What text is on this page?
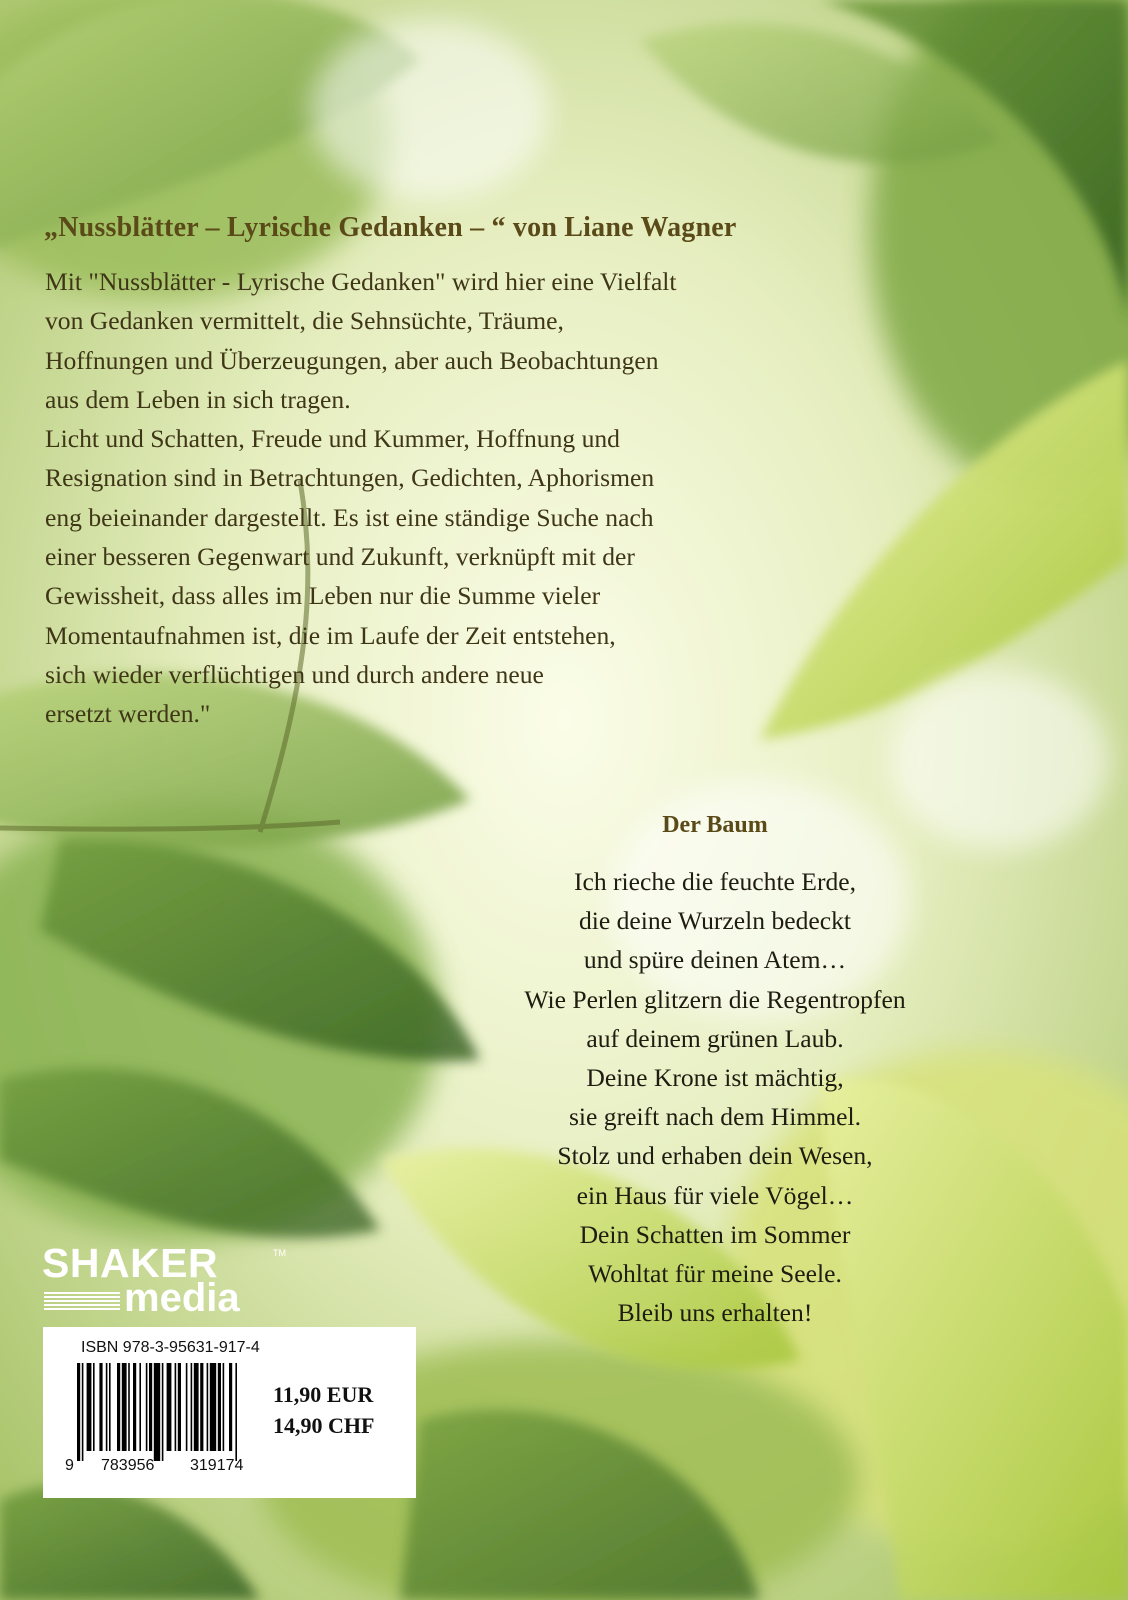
„Nussblätter – Lyrische Gedanken – “ von Liane Wagner
Mit "Nussblätter - Lyrische Gedanken" wird hier eine Vielfalt
von Gedanken vermittelt, die Sehnsüchte, Träume,
Hoffnungen und Überzeugungen, aber auch Beobachtungen
aus dem Leben in sich tragen.
Licht und Schatten, Freude und Kummer, Hoffnung und
Resignation sind in Betrachtungen, Gedichten, Aphorismen
eng beieinander dargestellt. Es ist eine ständige Suche nach
einer besseren Gegenwart und Zukunft, verknüpft mit der
Gewissheit, dass alles im Leben nur die Summe vieler
Momentaufnahmen ist, die im Laufe der Zeit entstehen,
sich wieder verflüchtigen und durch andere neue
ersetzt werden."
Der Baum
Ich rieche die feuchte Erde,
die deine Wurzeln bedeckt
und spüre deinen Atem…
Wie Perlen glitzern die Regentropfen
auf deinem grünen Laub.
Deine Krone ist mächtig,
sie greift nach dem Himmel.
Stolz und erhaben dein Wesen,
ein Haus für viele Vögel…
Dein Schatten im Sommer
Wohltat für meine Seele.
Bleib uns erhalten!
SHAKER	TM
media
ISBN 978-3-95631-917-4
9 783956 319174
11,90 EUR
14,90 CHF
